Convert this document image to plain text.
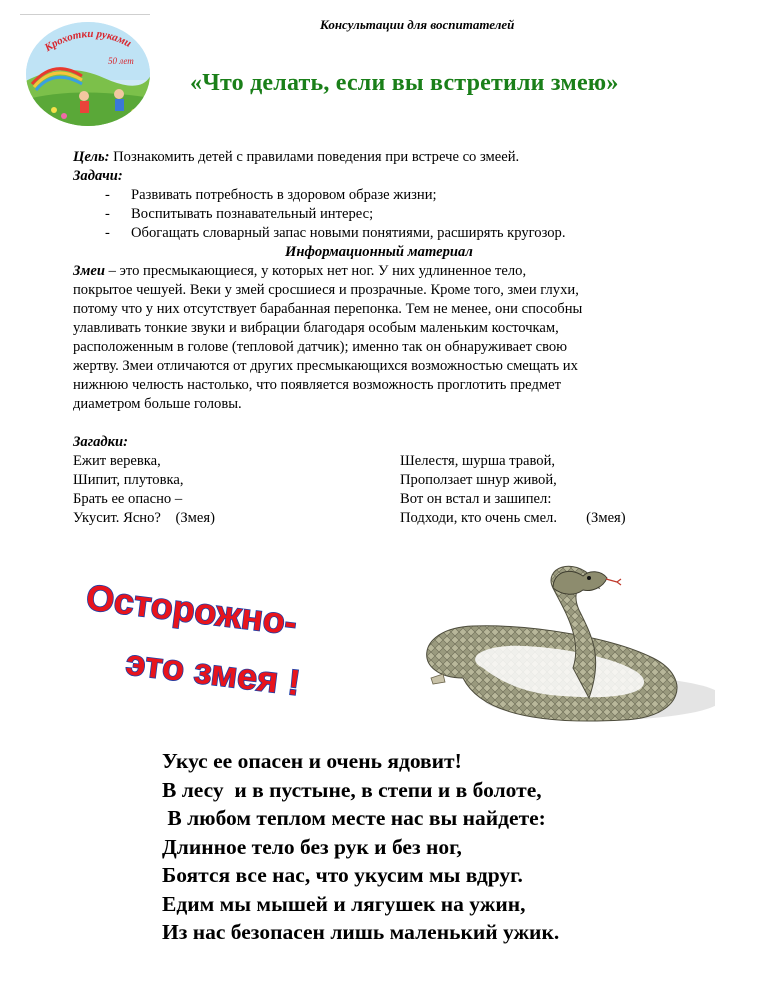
Консультации для воспитателей
Крохотки руками
50 лет
«Что делать, если вы встретили змею»
Цель: Познакомить детей с правилами поведения при встрече со змеей.
Задачи:
- Развивать потребность в здоровом образе жизни;
- Воспитывать познавательный интерес;
- Обогащать словарный запас новыми понятиями, расширять кругозор.
Информационный материал
Змеи – это пресмыкающиеся, у которых нет ног. У них удлиненное тело,
покрытое чешуей. Веки у змей сросшиеся и прозрачные. Кроме того, змеи глухи,
потому что у них отсутствует барабанная перепонка. Тем не менее, они способны
улавливать тонкие звуки и вибрации благодаря особым маленьким косточкам,
расположенным в голове (тепловой датчик); именно так он обнаруживает свою
жертву. Змеи отличаются от других пресмыкающихся возможностью смещать их
нижнюю челюсть настолько, что появляется возможность проглотить предмет
диаметром больше головы.
Загадки:
Ежит веревка,
Шипит, плутовка,
Брать ее опасно –
Укусит. Ясно?    (Змея)
Шелестя, шурша травой,
Проползает шнур живой,
Вот он встал и зашипел:
Подходи, кто очень смел.        (Змея)
Осторожно-
это змея !
Укус ее опасен и очень ядовит!
В лесу  и в пустыне, в степи и в болоте,
В любом теплом месте нас вы найдете:
Длинное тело без рук и без ног,
Боятся все нас, что укусим мы вдруг.
Едим мы мышей и лягушек на ужин,
Из нас безопасен лишь маленький ужик.
